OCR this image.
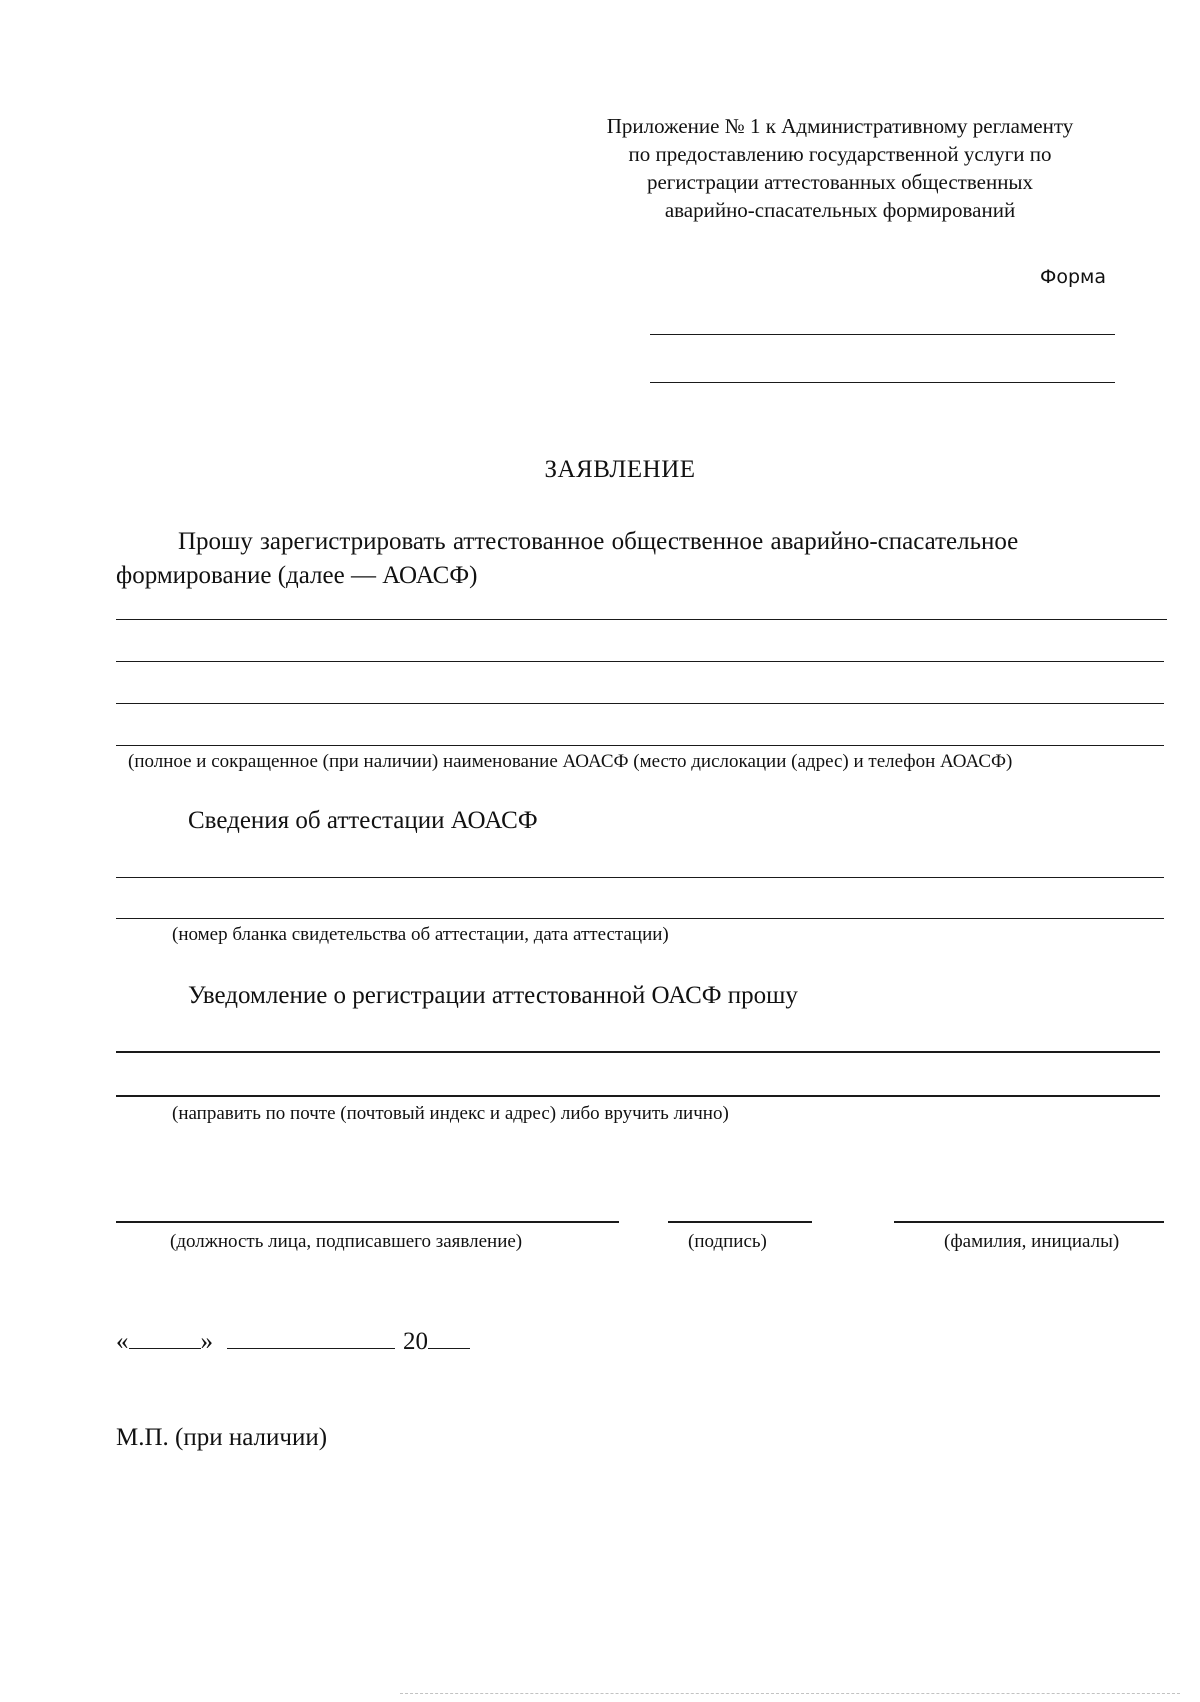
Приложение № 1 к Административному регламенту
по предоставлению государственной услуги по
регистрации аттестованных общественных
аварийно-спасательных формирований
Форма
ЗАЯВЛЕНИЕ
Прошу зарегистрировать аттестованное общественное аварийно-спасательное
формирование (далее — АОАСФ)
(полное и сокращенное (при наличии) наименование АОАСФ (место дислокации (адрес) и телефон АОАСФ)
Сведения об аттестации АОАСФ
(номер бланка свидетельства об аттестации, дата аттестации)
Уведомление о регистрации аттестованной ОАСФ прошу
(направить по почте (почтовый индекс и адрес) либо вручить лично)
(должность лица, подписавшего заявление)	(подпись)	(фамилия, инициалы)
«	»	20
М.П. (при наличии)
